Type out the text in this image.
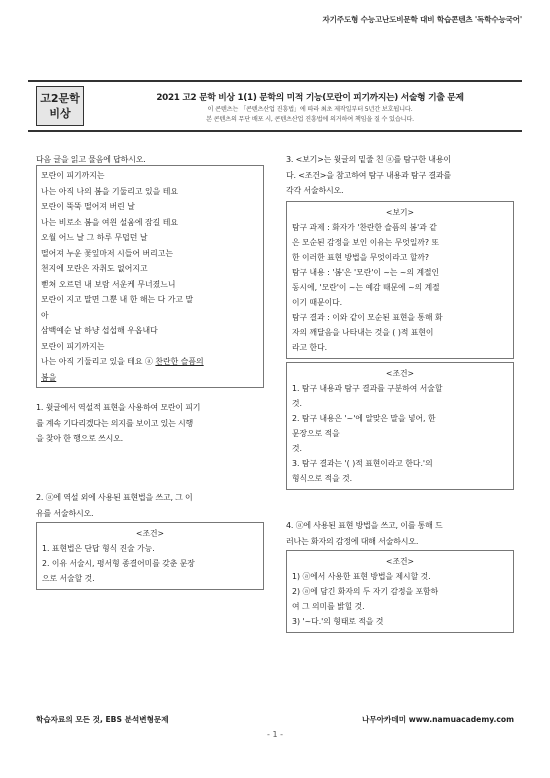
자기주도형 수능고난도비문학 대비 학습콘텐츠 '독학수능국어'
고2문학
비상
2021 고2 문학 비상 1(1) 문학의 미적 기능(모란이 피기까지는) 서술형 기출 문제
이 콘텐츠는 「콘텐츠산업 진흥법」에 따라 최초 제작일부터 5년간 보호됩니다.
본 콘텐츠의 무단 배포 시, 콘텐츠산업 진흥법에 의거하여 책임을 질 수 있습니다.
다음 글을 읽고 물음에 답하시오.
모란이 피기까지는
나는 아직 나의 봄을 기둘리고 있을 테요
모란이 뚝뚝 떨어져 버린 날
나는 비로소 봄을 여읜 설움에 잠길 테요
오월 어느 날 그 하루 무덥던 날
떨어져 누운 꽃잎마저 시들어 버리고는
천지에 모란은 자취도 없어지고
뻗쳐 오르던 내 보람 서운케 무너졌느니
모란이 지고 말면 그뿐 내 한 해는 다 가고 말
아
삼백예순 날 하냥 섭섭해 우옵내다
모란이 피기까지는
나는 아직 기둘리고 있을 테요 ⓐ 찬란한 슬픔의
봄을
1. 윗글에서 역설적 표현을 사용하여 모란이 피기
를 계속 기다리겠다는 의지를 보이고 있는 시행
을 찾아 한 행으로 쓰시오.
2. ⓐ에 역설 외에 사용된 표현법을 쓰고, 그 이
유를 서술하시오.
<조건>
1. 표현법은 단답 형식 진술 가능.
2. 이유 서술시, 평서형 종결어미를 갖춘 문장
으로 서술할 것.
3. <보기>는 윗글의 밑줄 친 ⓐ를 탐구한 내용이
다. <조건>을 참고하여 탐구 내용과 탐구 결과를
각각 서술하시오.
<보기>
탐구 과제 : 화자가 '찬란한 슬픔의 봄'과 같
은 모순된 감정을 보인 이유는 무엇일까? 또
한 이러한 표현 방법을 무엇이라고 할까?
탐구 내용 : '봄'은 '모란'이 ~는 ~의 계절인
동시에, '모란'이 ~는 예감 때문에 ~의 계절
이기 때문이다.
탐구 결과 : 이와 같이 모순된 표현을 통해 화
자의 깨달음을 나타내는 것을 ( )적 표현이
라고 한다.
<조건>
1. 탐구 내용과 탐구 결과를 구분하여 서술할
것.
2. 탐구 내용은 '~'에 알맞은 말을 넣어, 한
문장으로 적을
것.
3. 탐구 결과는 '( )적 표현이라고 한다.'의
형식으로 적을 것.
4. ⓐ에 사용된 표현 방법을 쓰고, 이를 통해 드
러나는 화자의 감정에 대해 서술하시오.
<조건>
1) ⓐ에서 사용한 표현 방법을 제시할 것.
2) ⓐ에 담긴 화자의 두 자기 감정을 포함하
여 그 의미를 밝힐 것.
3) '~다.'의 형태로 적을 것
학습자료의 모든 것, EBS 분석변형문제	나무아카데미 www.namuacademy.com
- 1 -
